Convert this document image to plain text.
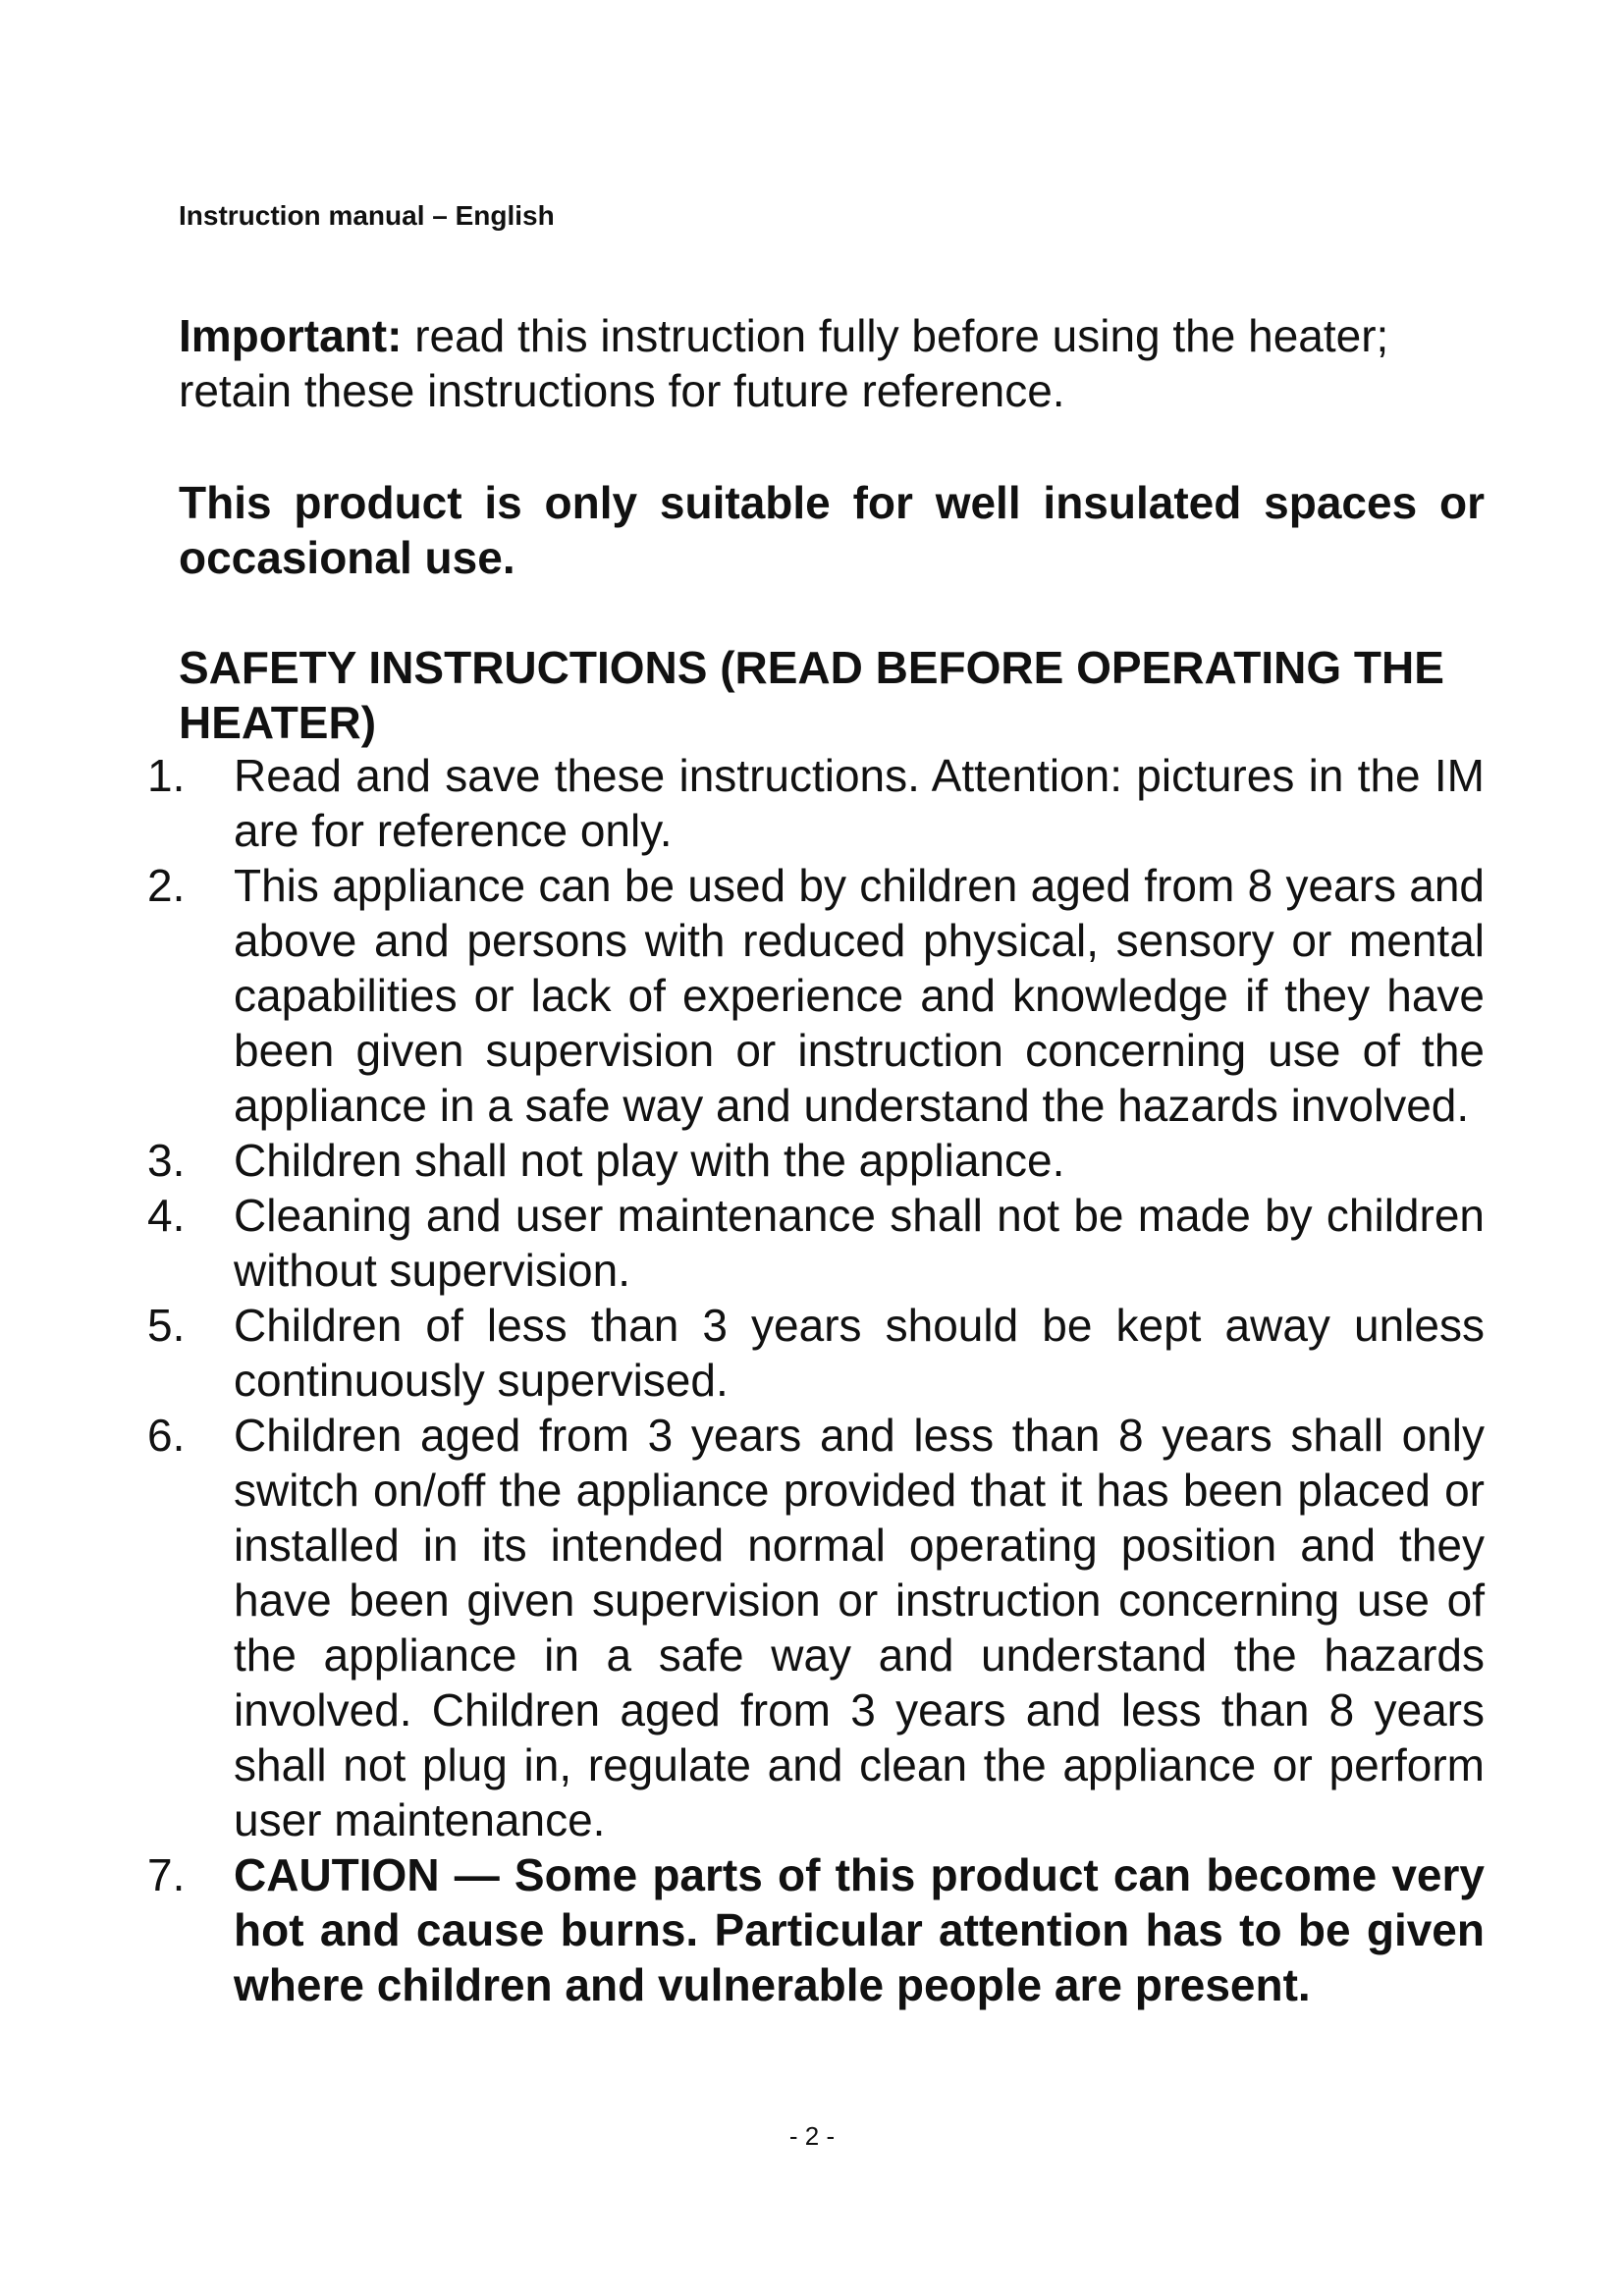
Instruction manual – English
Important: read this instruction fully before using the heater; retain these instructions for future reference.
This product is only suitable for well insulated spaces or occasional use.
SAFETY INSTRUCTIONS (READ BEFORE OPERATING THE HEATER)
1.	Read and save these instructions. Attention: pictures in the IM are for reference only.
2.	This appliance can be used by children aged from 8 years and above and persons with reduced physical, sensory or mental capabilities or lack of experience and knowledge if they have been given supervision or instruction concerning use of the appliance in a safe way and understand the hazards involved.
3.	Children shall not play with the appliance.
4.	Cleaning and user maintenance shall not be made by children without supervision.
5.	Children of less than 3 years should be kept away unless continuously supervised.
6.	Children aged from 3 years and less than 8 years shall only switch on/off the appliance provided that it has been placed or installed in its intended normal operating position and they have been given supervision or instruction concerning use of the appliance in a safe way and understand the hazards involved. Children aged from 3 years and less than 8 years shall not plug in, regulate and clean the appliance or perform user maintenance.
7.	CAUTION — Some parts of this product can become very hot and cause burns. Particular attention has to be given where children and vulnerable people are present.
- 2 -
